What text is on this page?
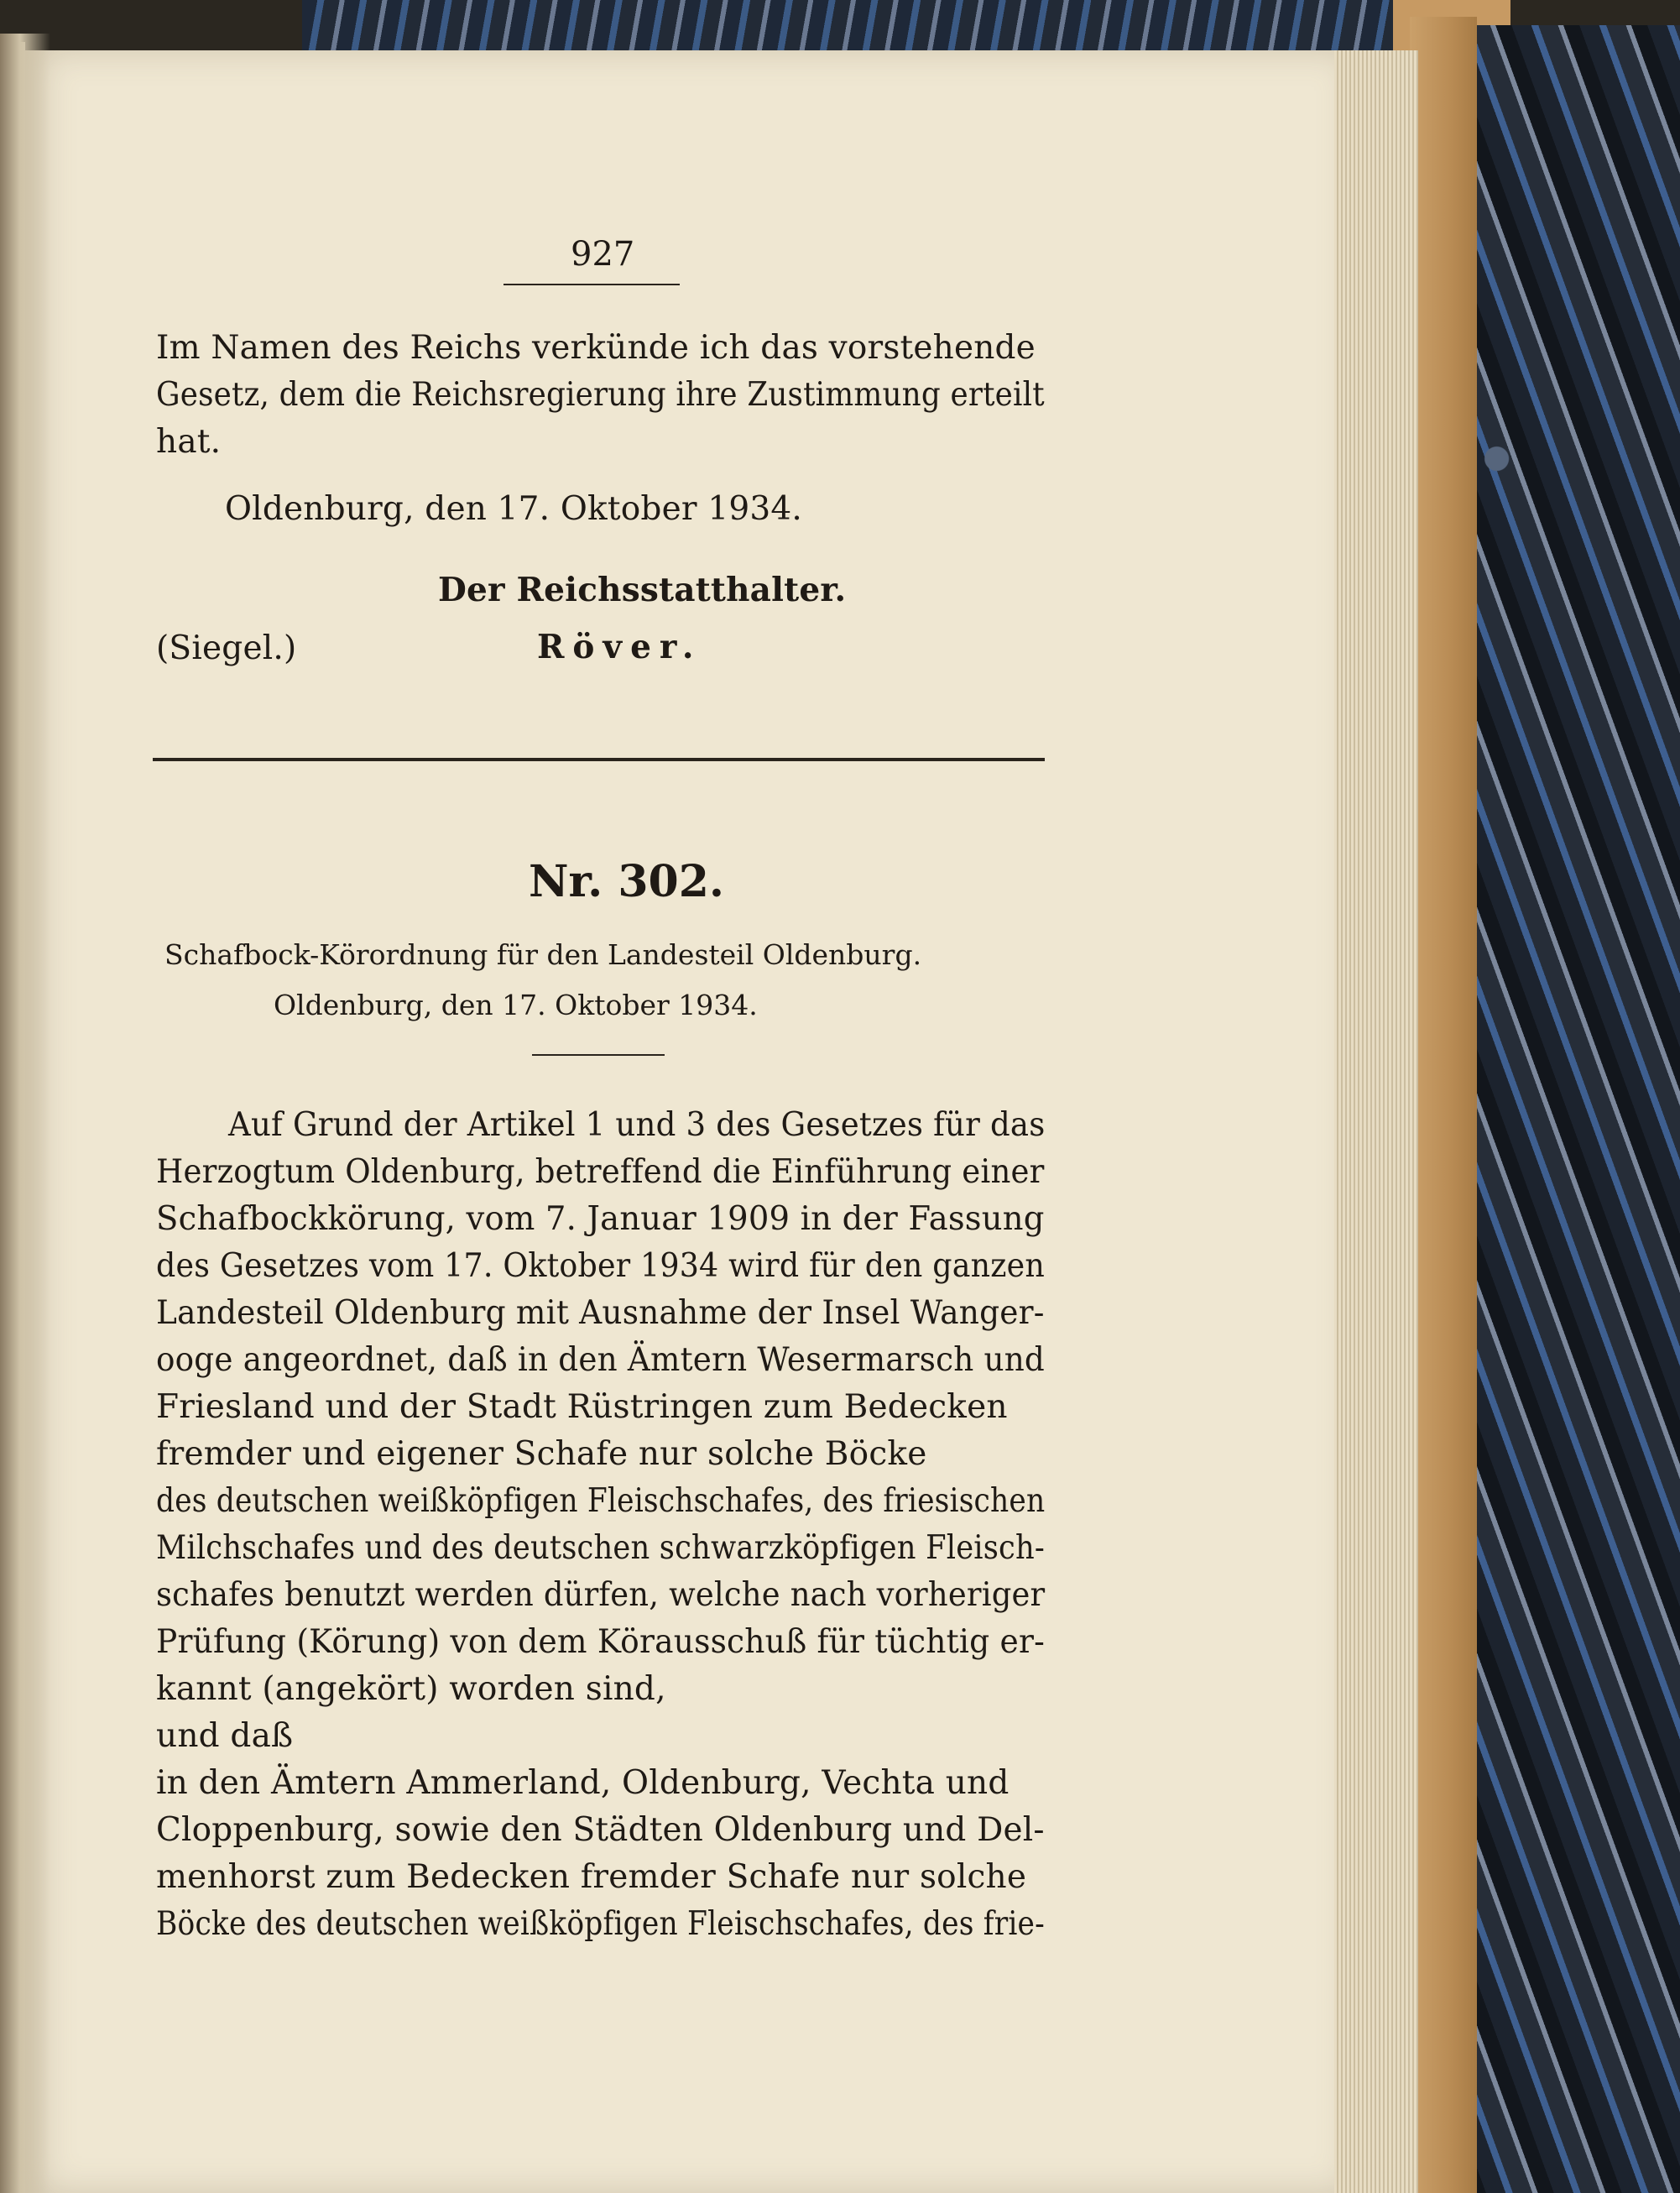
927
Im Namen des Reichs verkünde ich das vorstehende
Gesetz, dem die Reichsregierung ihre Zustimmung erteilt
hat.
Oldenburg, den 17. Oktober 1934.
Der Reichsstatthalter.
(Siegel.)	Röver.
Nr. 302.
Schafbock-Körordnung für den Landesteil Oldenburg.
Oldenburg, den 17. Oktober 1934.
Auf Grund der Artikel 1 und 3 des Gesetzes für das
Herzogtum Oldenburg, betreffend die Einführung einer
Schafbockkörung, vom 7. Januar 1909 in der Fassung
des Gesetzes vom 17. Oktober 1934 wird für den ganzen
Landesteil Oldenburg mit Ausnahme der Insel Wanger-
ooge angeordnet, daß in den Ämtern Wesermarsch und
Friesland und der Stadt Rüstringen zum Bedecken
fremder und eigener Schafe nur solche Böcke
des deutschen weißköpfigen Fleischschafes, des friesischen
Milchschafes und des deutschen schwarzköpfigen Fleisch-
schafes benutzt werden dürfen, welche nach vorheriger
Prüfung (Körung) von dem Körausschuß für tüchtig er-
kannt (angekört) worden sind,
und daß
in den Ämtern Ammerland, Oldenburg, Vechta und
Cloppenburg, sowie den Städten Oldenburg und Del-
menhorst zum Bedecken fremder Schafe nur solche
Böcke des deutschen weißköpfigen Fleischschafes, des frie-
